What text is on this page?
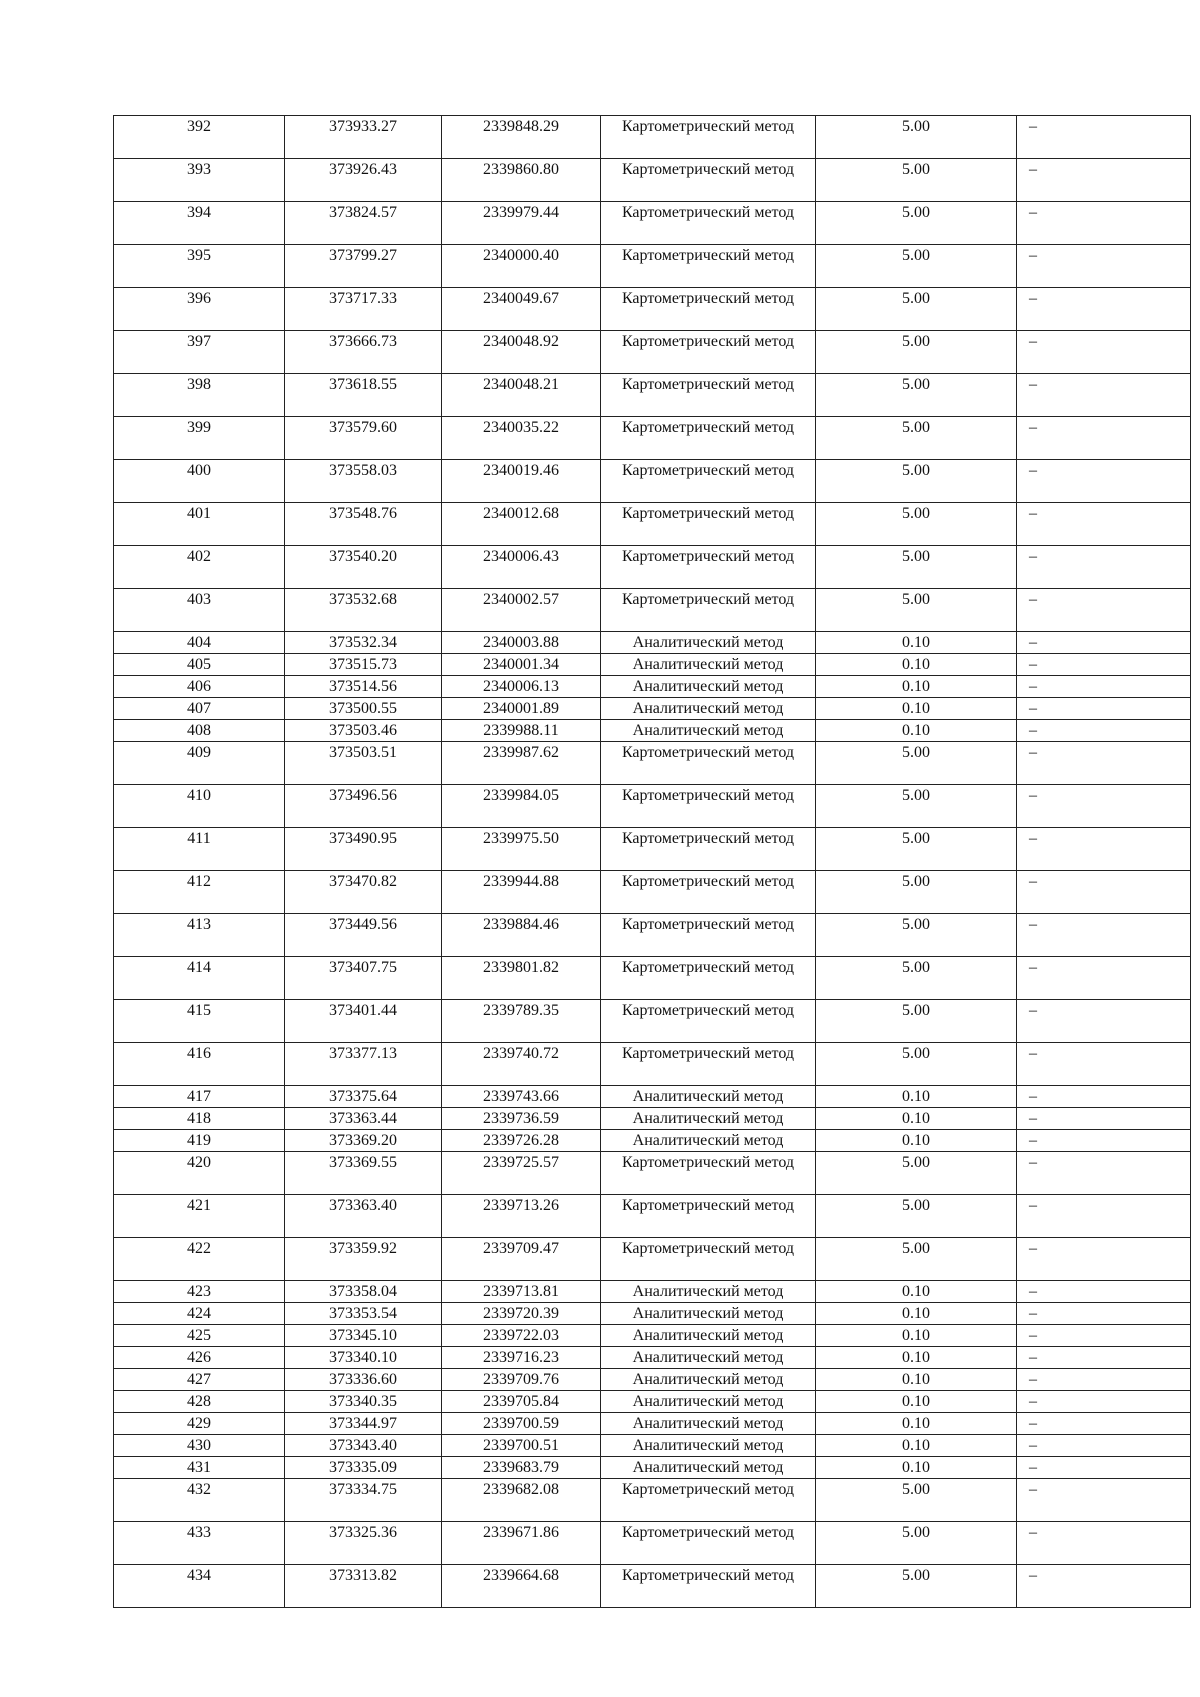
392	373933.27	2339848.29	Картометрический метод	5.00	–
393	373926.43	2339860.80	Картометрический метод	5.00	–
394	373824.57	2339979.44	Картометрический метод	5.00	–
395	373799.27	2340000.40	Картометрический метод	5.00	–
396	373717.33	2340049.67	Картометрический метод	5.00	–
397	373666.73	2340048.92	Картометрический метод	5.00	–
398	373618.55	2340048.21	Картометрический метод	5.00	–
399	373579.60	2340035.22	Картометрический метод	5.00	–
400	373558.03	2340019.46	Картометрический метод	5.00	–
401	373548.76	2340012.68	Картометрический метод	5.00	–
402	373540.20	2340006.43	Картометрический метод	5.00	–
403	373532.68	2340002.57	Картометрический метод	5.00	–
404	373532.34	2340003.88	Аналитический метод	0.10	–
405	373515.73	2340001.34	Аналитический метод	0.10	–
406	373514.56	2340006.13	Аналитический метод	0.10	–
407	373500.55	2340001.89	Аналитический метод	0.10	–
408	373503.46	2339988.11	Аналитический метод	0.10	–
409	373503.51	2339987.62	Картометрический метод	5.00	–
410	373496.56	2339984.05	Картометрический метод	5.00	–
411	373490.95	2339975.50	Картометрический метод	5.00	–
412	373470.82	2339944.88	Картометрический метод	5.00	–
413	373449.56	2339884.46	Картометрический метод	5.00	–
414	373407.75	2339801.82	Картометрический метод	5.00	–
415	373401.44	2339789.35	Картометрический метод	5.00	–
416	373377.13	2339740.72	Картометрический метод	5.00	–
417	373375.64	2339743.66	Аналитический метод	0.10	–
418	373363.44	2339736.59	Аналитический метод	0.10	–
419	373369.20	2339726.28	Аналитический метод	0.10	–
420	373369.55	2339725.57	Картометрический метод	5.00	–
421	373363.40	2339713.26	Картометрический метод	5.00	–
422	373359.92	2339709.47	Картометрический метод	5.00	–
423	373358.04	2339713.81	Аналитический метод	0.10	–
424	373353.54	2339720.39	Аналитический метод	0.10	–
425	373345.10	2339722.03	Аналитический метод	0.10	–
426	373340.10	2339716.23	Аналитический метод	0.10	–
427	373336.60	2339709.76	Аналитический метод	0.10	–
428	373340.35	2339705.84	Аналитический метод	0.10	–
429	373344.97	2339700.59	Аналитический метод	0.10	–
430	373343.40	2339700.51	Аналитический метод	0.10	–
431	373335.09	2339683.79	Аналитический метод	0.10	–
432	373334.75	2339682.08	Картометрический метод	5.00	–
433	373325.36	2339671.86	Картометрический метод	5.00	–
434	373313.82	2339664.68	Картометрический метод	5.00	–
